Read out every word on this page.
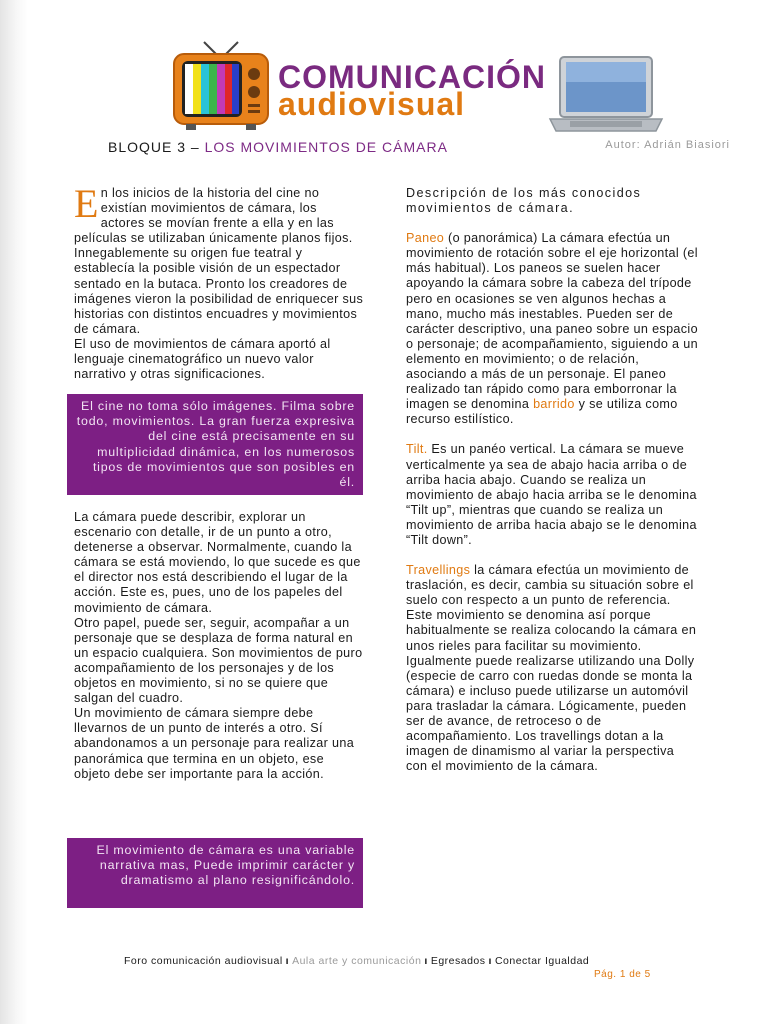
COMUNICACIÓN
audiovisual
BLOQUE 3 – LOS MOVIMIENTOS DE CÁMARA	Autor: Adrián Biasiori

En los inicios de la historia del cine no existían movimientos de cámara, los actores se movían frente a ella y en las películas se utilizaban únicamente planos fijos. Innegablemente su origen fue teatral y establecía la posible visión de un espectador sentado en la butaca. Pronto los creadores de imágenes vieron la posibilidad de enriquecer sus historias con distintos encuadres y movimientos de cámara.

El uso de movimientos de cámara aportó al lenguaje cinematográfico un nuevo valor narrativo y otras significaciones.

El cine no toma sólo imágenes. Filma sobre todo, movimientos. La gran fuerza expresiva del cine está precisamente en su multiplicidad dinámica, en los numerosos tipos de movimientos que son posibles en él.

La cámara puede describir, explorar un escenario con detalle, ir de un punto a otro, detenerse a observar. Normalmente, cuando la cámara se está moviendo, lo que sucede es que el director nos está describiendo el lugar de la acción. Este es, pues, uno de los papeles del movimiento de cámara.

Otro papel, puede ser, seguir, acompañar a un personaje que se desplaza de forma natural en un espacio cualquiera. Son movimientos de puro acompañamiento de los personajes y de los objetos en movimiento, si no se quiere que salgan del cuadro.

Un movimiento de cámara siempre debe llevarnos de un punto de interés a otro. Sí abandonamos a un personaje para realizar una panorámica que termina en un objeto, ese objeto debe ser importante para la acción.

El movimiento de cámara es una variable narrativa mas, Puede imprimir carácter y dramatismo al plano resignificándolo.

Descripción de los más conocidos movimientos de cámara.

Paneo (o panorámica) La cámara efectúa un movimiento de rotación sobre el eje horizontal (el más habitual). Los paneos se suelen hacer apoyando la cámara sobre la cabeza del trípode pero en ocasiones se ven algunos hechas a mano, mucho más inestables. Pueden ser de carácter descriptivo, una paneo sobre un espacio o personaje; de acompañamiento, siguiendo a un elemento en movimiento; o de relación, asociando a más de un personaje. El paneo realizado tan rápido como para emborronar la imagen se denomina barrido y se utiliza como recurso estilístico.

Tilt. Es un panéo vertical. La cámara se mueve verticalmente ya sea de abajo hacia arriba o de arriba hacia abajo. Cuando se realiza un movimiento de abajo hacia arriba se le denomina “Tilt up”, mientras que cuando se realiza un movimiento de arriba hacia abajo se le denomina “Tilt down”.

Travellings la cámara efectúa un movimiento de traslación, es decir, cambia su situación sobre el suelo con respecto a un punto de referencia. Este movimiento se denomina así porque habitualmente se realiza colocando la cámara en unos rieles para facilitar su movimiento. Igualmente puede realizarse utilizando una Dolly (especie de carro con ruedas donde se monta la cámara) e incluso puede utilizarse un automóvil para trasladar la cámara. Lógicamente, pueden ser de avance, de retroceso o de acompañamiento. Los travellings dotan a la imagen de dinamismo al variar la perspectiva con el movimiento de la cámara.

Foro comunicación audiovisual ı Aula arte y comunicación ı Egresados ı Conectar Igualdad
Pág. 1 de 5
